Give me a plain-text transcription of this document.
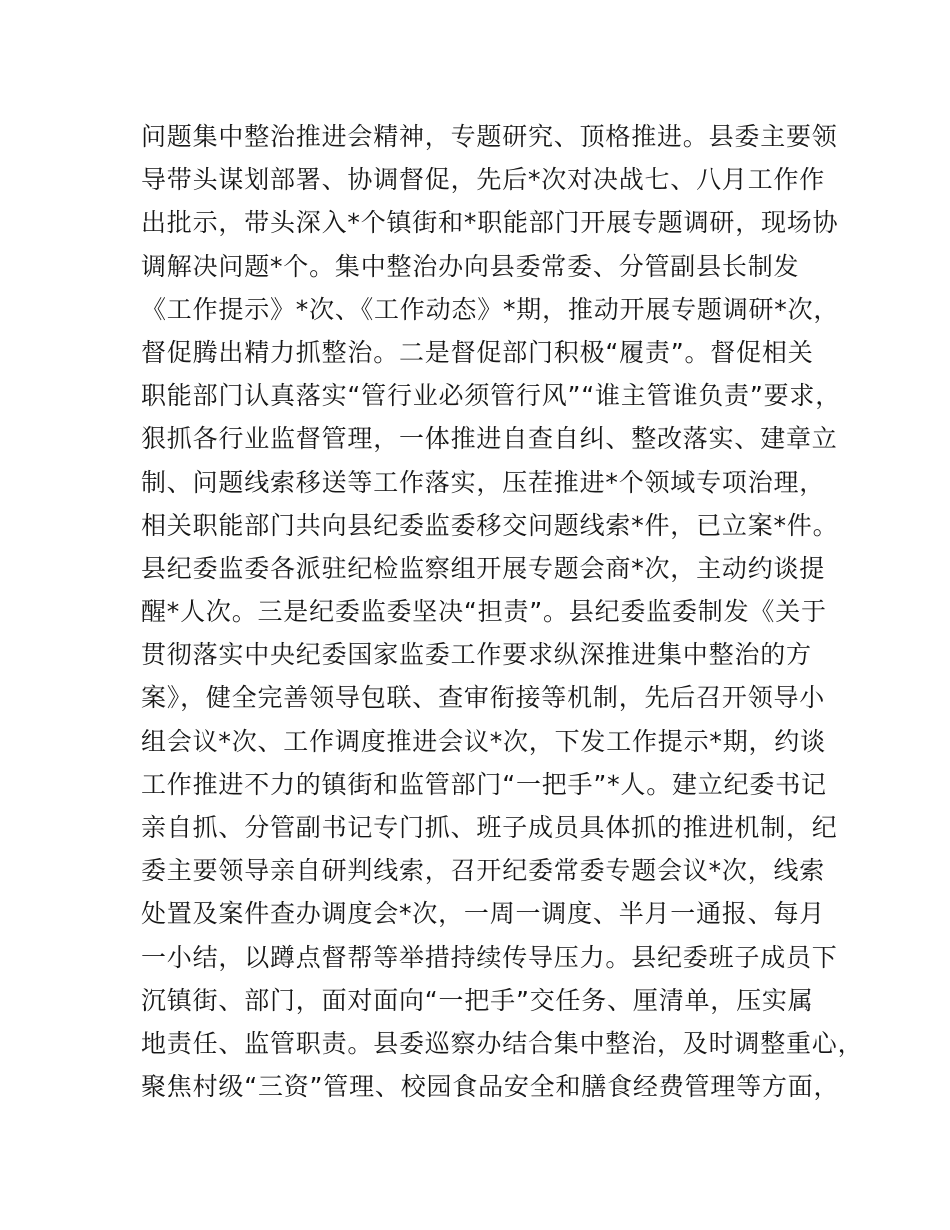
问题集中整治推进会精神，专题研究、顶格推进。县委主要领
导带头谋划部署、协调督促，先后*次对决战七、八月工作作
出批示，带头深入*个镇街和*职能部门开展专题调研，现场协
调解决问题*个。集中整治办向县委常委、分管副县长制发
《工作提示》*次、《工作动态》*期，推动开展专题调研*次，
督促腾出精力抓整治。二是督促部门积极“履责”。督促相关
职能部门认真落实“管行业必须管行风”“谁主管谁负责”要求，
狠抓各行业监督管理，一体推进自查自纠、整改落实、建章立
制、问题线索移送等工作落实，压茬推进*个领域专项治理，
相关职能部门共向县纪委监委移交问题线索*件，已立案*件。
县纪委监委各派驻纪检监察组开展专题会商*次，主动约谈提
醒*人次。三是纪委监委坚决“担责”。县纪委监委制发《关于
贯彻落实中央纪委国家监委工作要求纵深推进集中整治的方
案》，健全完善领导包联、查审衔接等机制，先后召开领导小
组会议*次、工作调度推进会议*次，下发工作提示*期，约谈
工作推进不力的镇街和监管部门“一把手”*人。建立纪委书记
亲自抓、分管副书记专门抓、班子成员具体抓的推进机制，纪
委主要领导亲自研判线索，召开纪委常委专题会议*次，线索
处置及案件查办调度会*次，一周一调度、半月一通报、每月
一小结，以蹲点督帮等举措持续传导压力。县纪委班子成员下
沉镇街、部门，面对面向“一把手”交任务、厘清单，压实属
地责任、监管职责。县委巡察办结合集中整治，及时调整重心，
聚焦村级“三资”管理、校园食品安全和膳食经费管理等方面，
